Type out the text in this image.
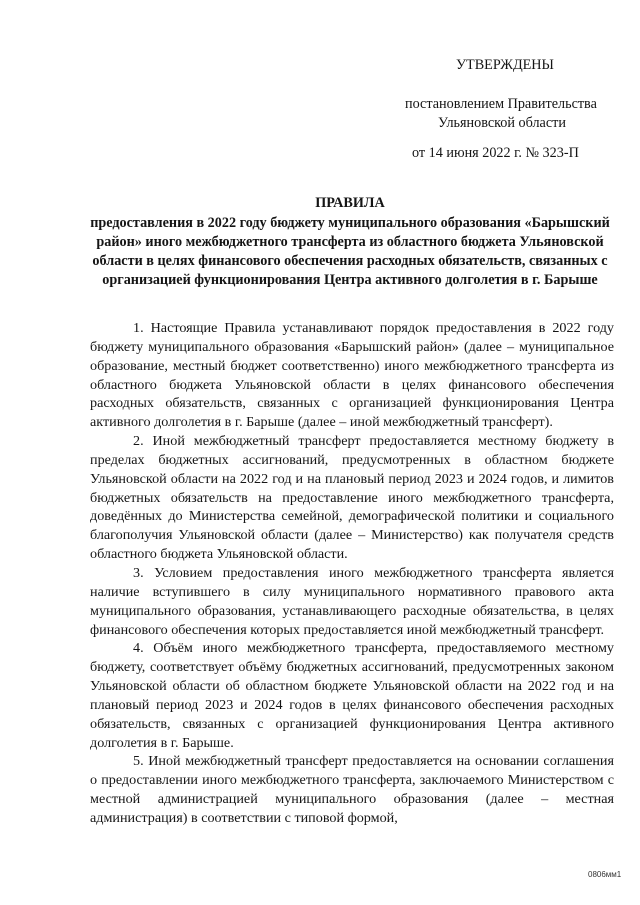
УТВЕРЖДЕНЫ
постановлением Правительства
Ульяновской области
от 14 июня 2022 г. № 323-П
ПРАВИЛА
предоставления в 2022 году бюджету муниципального образования «Барышский район» иного межбюджетного трансферта из областного бюджета Ульяновской области в целях финансового обеспечения расходных обязательств, связанных с организацией функционирования Центра активного долголетия в г. Барыше

1. Настоящие Правила устанавливают порядок предоставления в 2022 году бюджету муниципального образования «Барышский район» (далее – муниципальное образование, местный бюджет соответственно) иного межбюджетного трансферта из областного бюджета Ульяновской области в целях финансового обеспечения расходных обязательств, связанных с организацией функционирования Центра активного долголетия в г. Барыше (далее – иной межбюджетный трансферт).

2. Иной межбюджетный трансферт предоставляется местному бюджету в пределах бюджетных ассигнований, предусмотренных в областном бюджете Ульяновской области на 2022 год и на плановый период 2023 и 2024 годов, и лимитов бюджетных обязательств на предоставление иного межбюджетного трансферта, доведённых до Министерства семейной, демографической политики и социального благополучия Ульяновской области (далее – Министерство) как получателя средств областного бюджета Ульяновской области.

3. Условием предоставления иного межбюджетного трансферта является наличие вступившего в силу муниципального нормативного правового акта муниципального образования, устанавливающего расходные обязательства, в целях финансового обеспечения которых предоставляется иной межбюджетный трансферт.

4. Объём иного межбюджетного трансферта, предоставляемого местному бюджету, соответствует объёму бюджетных ассигнований, предусмотренных законом Ульяновской области об областном бюджете Ульяновской области на 2022 год и на плановый период 2023 и 2024 годов в целях финансового обеспечения расходных обязательств, связанных с организацией функционирования Центра активного долголетия в г. Барыше.

5. Иной межбюджетный трансферт предоставляется на основании соглашения о предоставлении иного межбюджетного трансферта, заключаемого Министерством с местной администрацией муниципального образования (далее – местная администрация) в соответствии с типовой формой,

0806мм1
